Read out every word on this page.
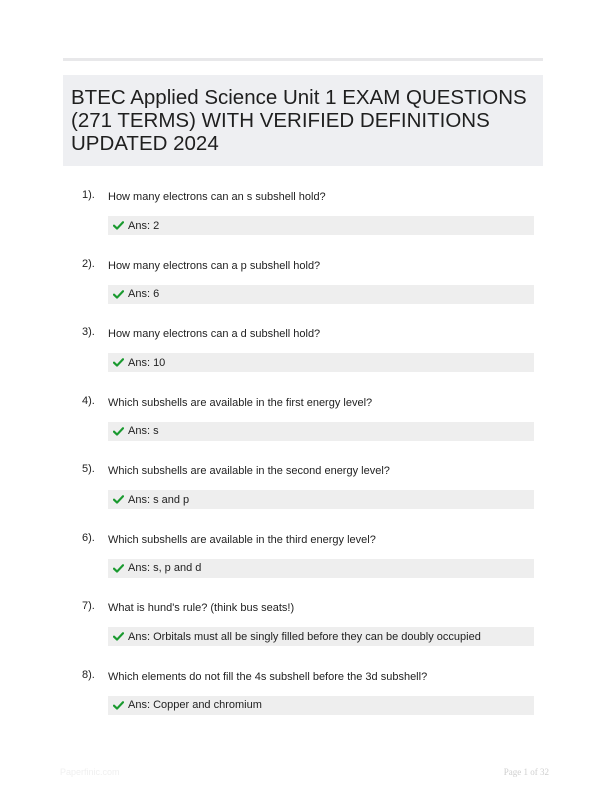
BTEC Applied Science Unit 1 EXAM QUESTIONS (271 TERMS) WITH VERIFIED DEFINITIONS UPDATED 2024
1). How many electrons can an s subshell hold?
Ans: 2
2). How many electrons can a p subshell hold?
Ans: 6
3). How many electrons can a d subshell hold?
Ans: 10
4). Which subshells are available in the first energy level?
Ans: s
5). Which subshells are available in the second energy level?
Ans: s and p
6). Which subshells are available in the third energy level?
Ans: s, p and d
7). What is hund's rule? (think bus seats!)
Ans: Orbitals must all be singly filled before they can be doubly occupied
8). Which elements do not fill the 4s subshell before the 3d subshell?
Ans: Copper and chromium
Paperfinic.com	Page 1 of 32
